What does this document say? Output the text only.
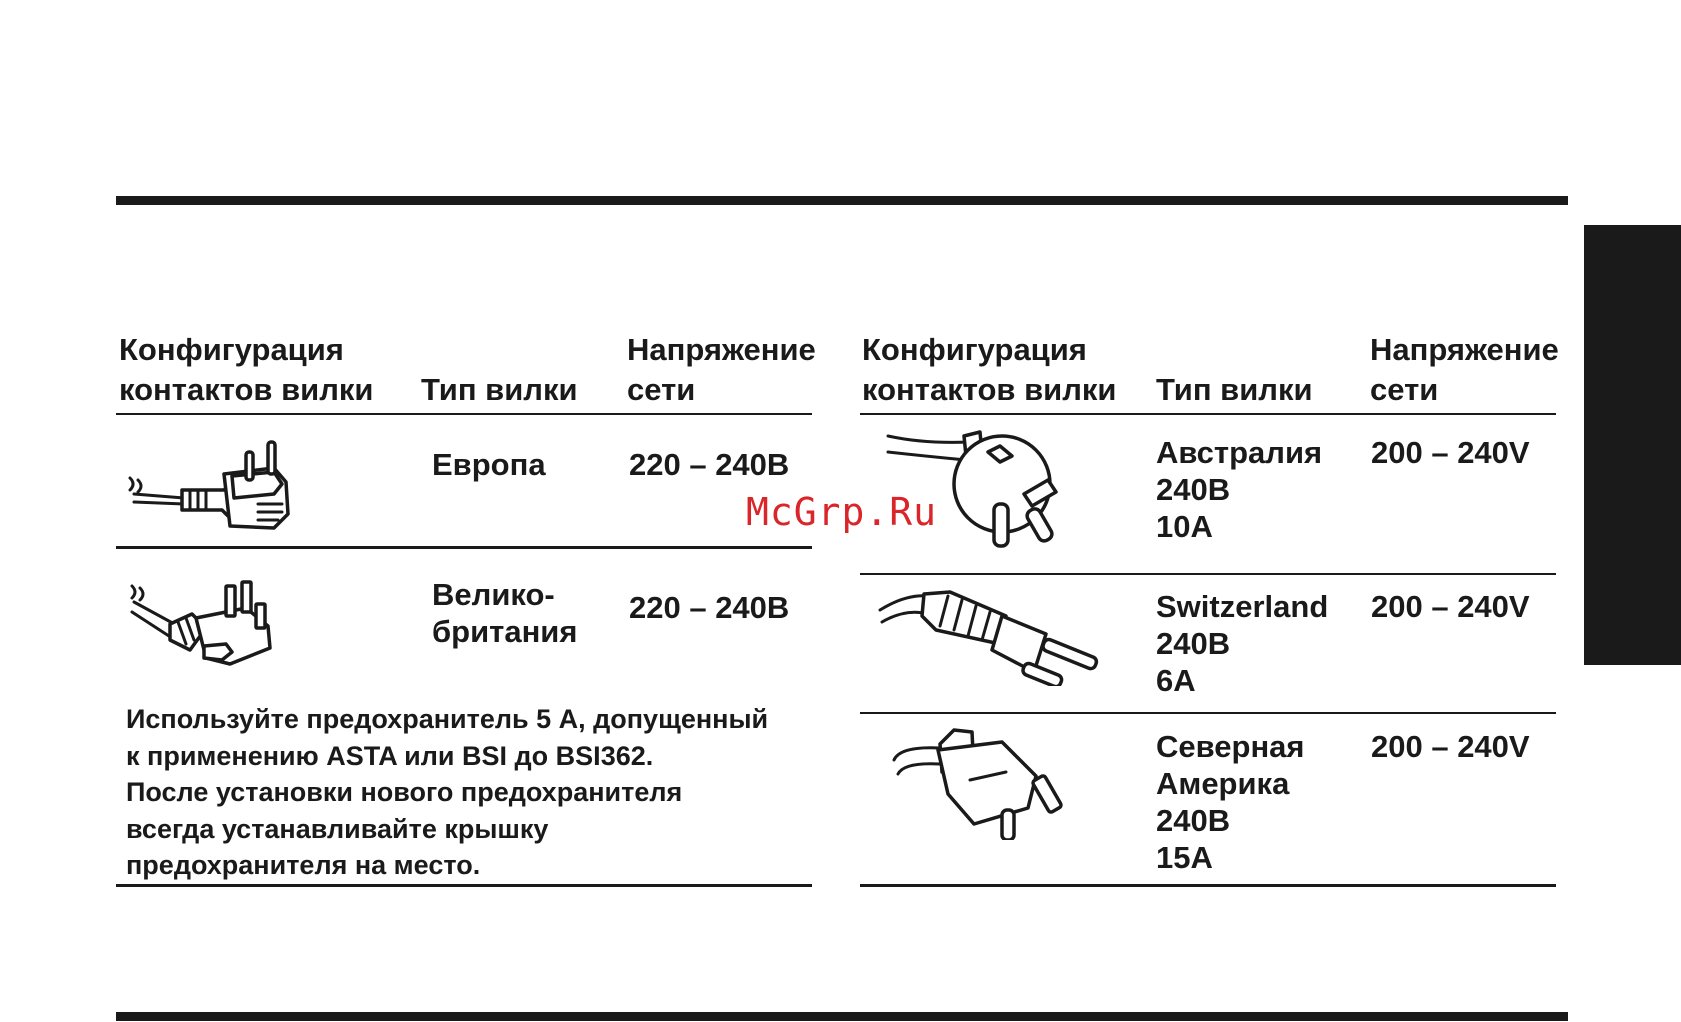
Конфигурация
контактов вилки Тип вилки
Напряжение
сети
Европа	220 – 240В
Велико-
британия
220 – 240В
Используйте предохранитель 5 А, допущенный
к применению ASTA или BSI до BSI362.
После установки нового предохранителя
всегда устанавливайте крышку
предохранителя на место.
Конфигурация
контактов вилки Тип вилки
Напряжение
сети
Австралия
240В
10А
200 – 240V
Switzerland
240В
6А
200 – 240V
Северная
Америка
240В
15А
200 – 240V
McGrp.Ru
